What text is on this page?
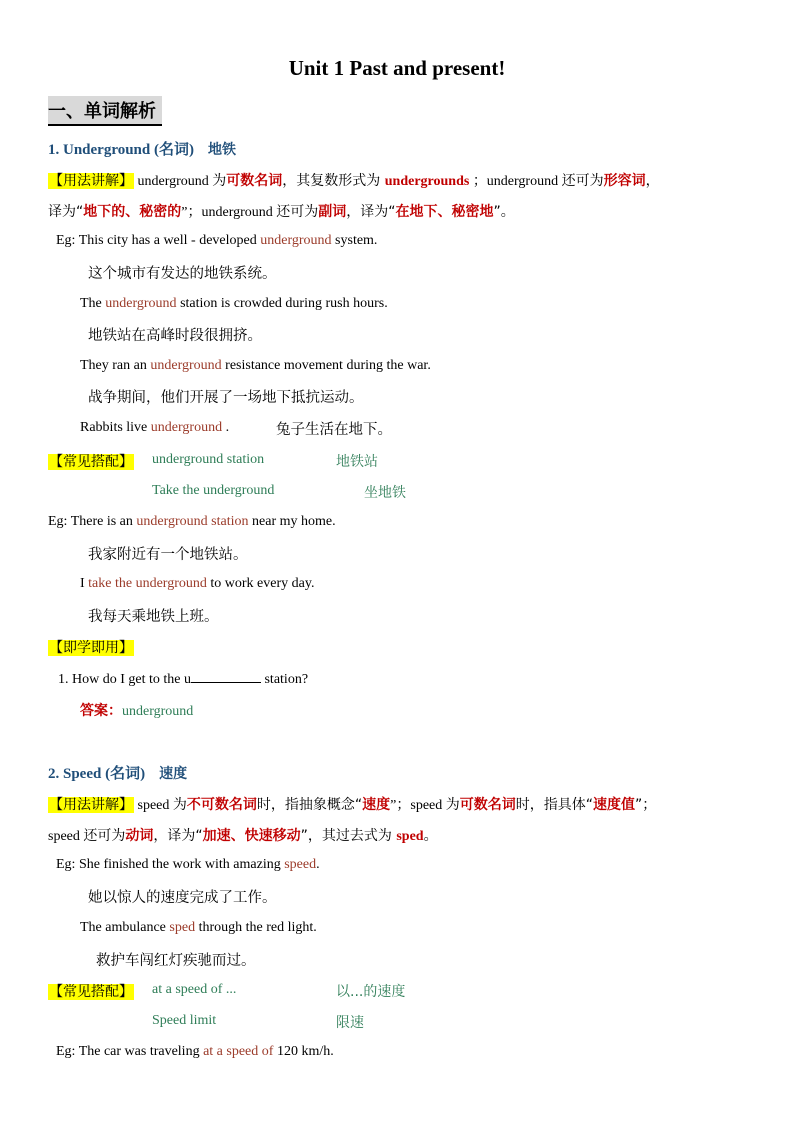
Unit 1 Past and present!
一、单词解析
1. Underground (名词) 地铁
【用法讲解】 underground 为可数名词，其复数形式为 undergrounds ；underground 还可为形容词，
译为“地下的、秘密的”；underground 还可为副词，译为“在地下、秘密地”。
Eg: This city has a well - developed underground system.
这个城市有发达的地铁系统。
The underground station is crowded during rush hours.
地铁站在高峰时段很拥挤。
They ran an underground resistance movement during the war.
战争期间，他们开展了一场地下抵抗运动。
Rabbits live underground .	兔子生活在地下。
【常见搭配】 underground station	地铁站
Take the underground	坐地铁
Eg: There is an underground station near my home.
我家附近有一个地铁站。
I take the underground to work every day.
我每天乘地铁上班。
【即学即用】
1. How do I get to the u	station?
答案：underground
2. Speed (名词) 速度
【用法讲解】 speed 为不可数名词时，指抽象概念“速度”；speed 为可数名词时，指具体“速度值”；
speed 还可为动词，译为“加速、快速移动”，其过去式为 sped。
Eg: She finished the work with amazing speed.
她以惊人的速度完成了工作。
The ambulance sped through the red light.
救护车闯红灯疾驰而过。
【常见搭配】 at a speed of ...	以...的速度
Speed limit	限速
Eg: The car was traveling at a speed of 120 km/h.
